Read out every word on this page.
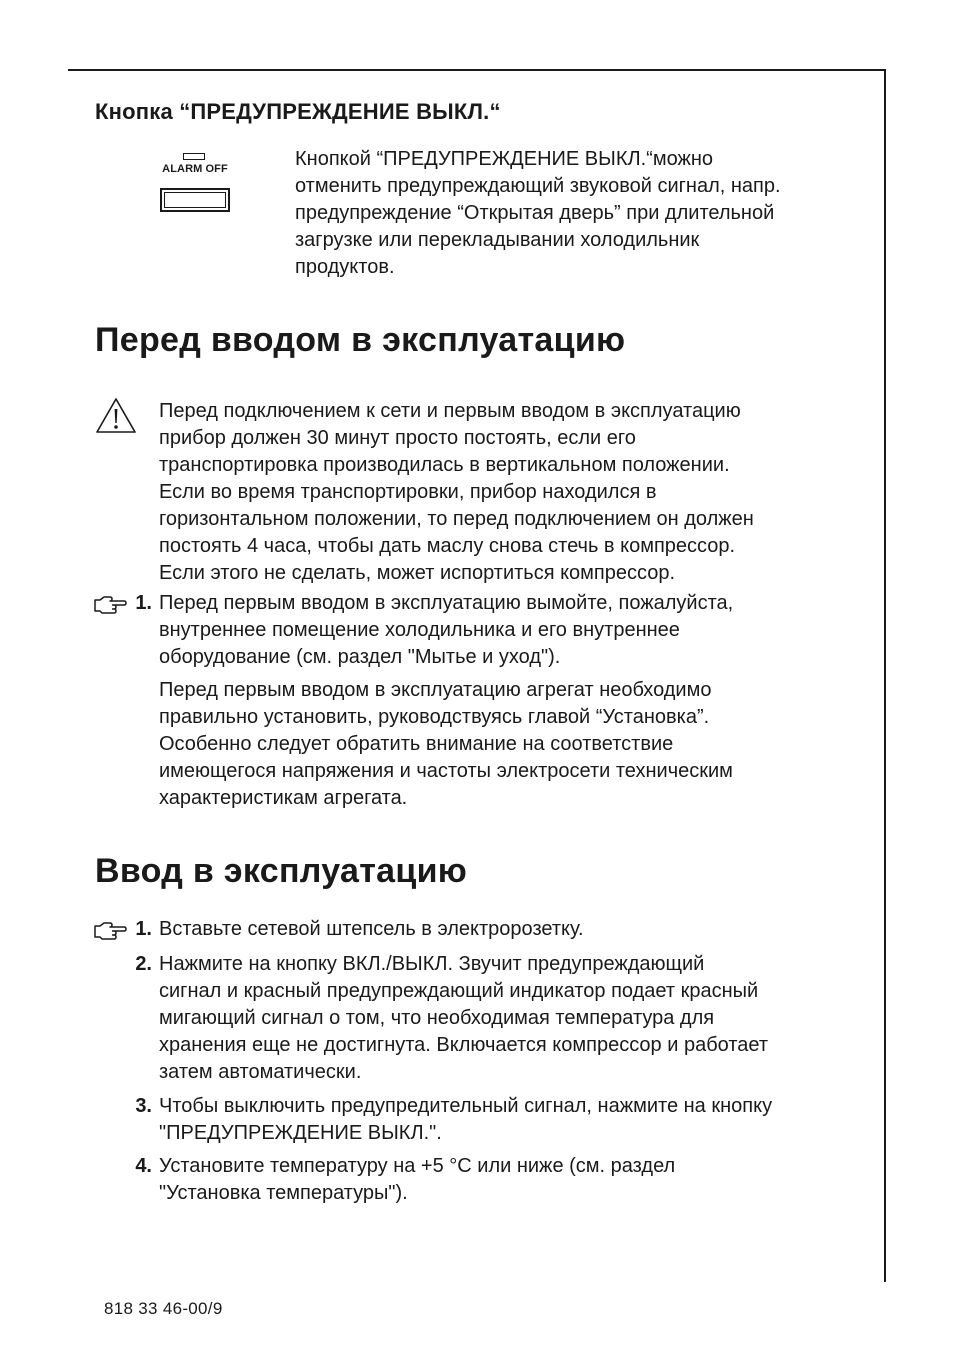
Кнопка “ПРЕДУПРЕЖДЕНИЕ ВЫКЛ.“
ALARM OFF	Кнопкой “ПРЕДУПРЕЖДЕНИЕ ВЫКЛ.“можно
отменить предупреждающий звуковой сигнал, напр.
предупреждение “Открытая дверь” при длительной
загрузке или перекладывании холодильник
продуктов.
Перед вводом в эксплуатацию
Перед подключением к сети и первым вводом в эксплуатацию
прибор должен 30 минут просто постоять, если его
транспортировка производилась в вертикальном положении.
Если во время транспортировки, прибор находился в
горизонтальном положении, то перед подключением он должен
постоять 4 часа, чтобы дать маслу снова стечь в компрессор.
Если этого не сделать, может испортиться компрессор.
1. Перед первым вводом в эксплуатацию вымойте, пожалуйста,
внутреннее помещение холодильника и его внутреннее
оборудование (см. раздел "Мытье и уход").
Перед первым вводом в эксплуатацию агрегат необходимо
правильно установить, руководствуясь главой “Установка”.
Особенно следует обратить внимание на соответствие
имеющегося напряжения и частоты электросети техническим
характеристикам агрегата.
Ввод в эксплуатацию
1. Вставьте сетевой штепсель в электророзетку.
2. Нажмите на кнопку ВКЛ./ВЫКЛ. Звучит предупреждающий
сигнал и красный предупреждающий индикатор подает красный
мигающий сигнал о том, что необходимая температура для
хранения еще не достигнута. Включается компрессор и работает
затем автоматически.
3. Чтобы выключить предупредительный сигнал, нажмите на кнопку
"ПРЕДУПРЕЖДЕНИЕ ВЫКЛ.".
4. Установите температуру на +5 °C или ниже (см. раздел
"Установка температуры").
818 33 46-00/9
